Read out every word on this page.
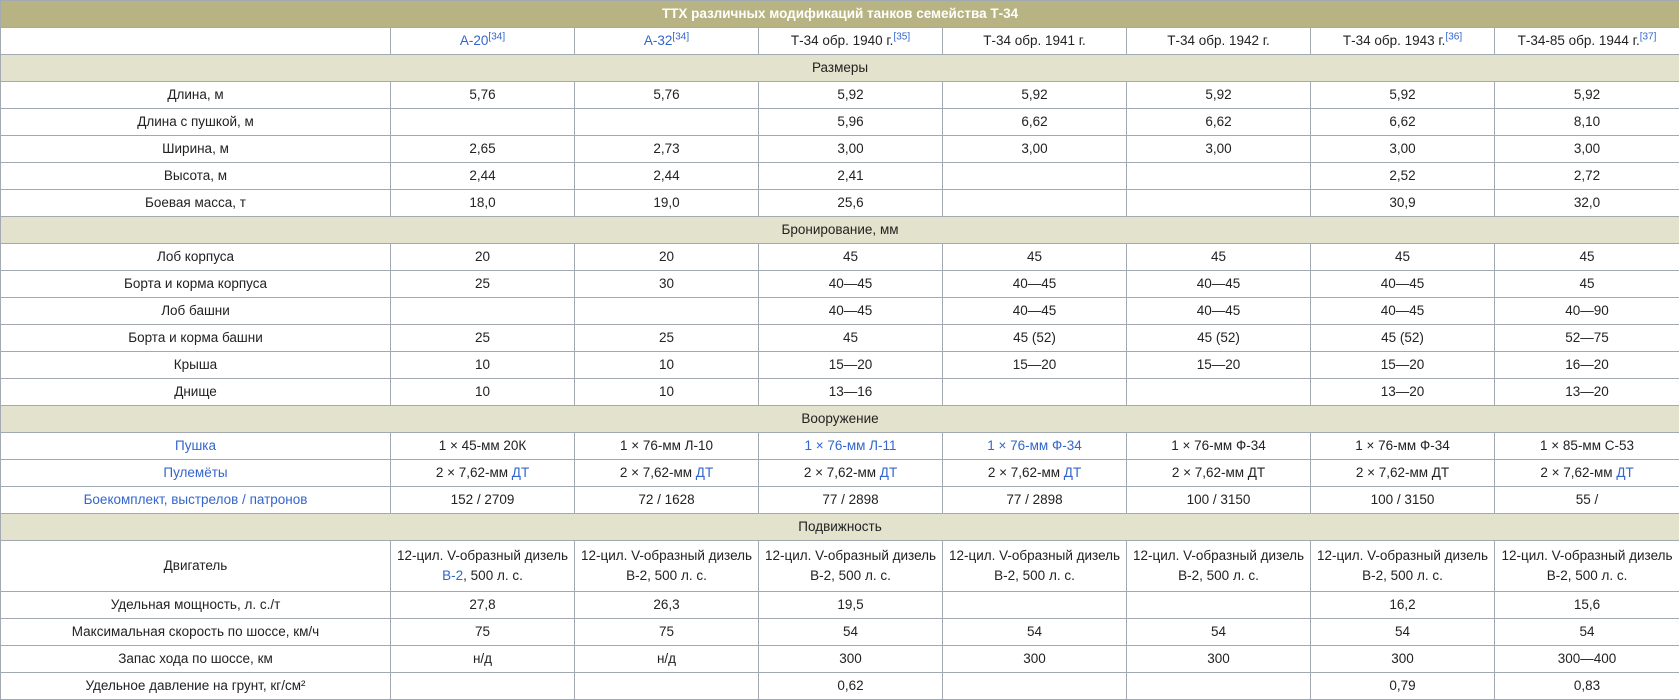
ТТХ различных модификаций танков семейства Т-34							
	А-20[34]	А-32[34]	Т-34 обр. 1940 г.[35]	Т-34 обр. 1941 г.	Т-34 обр. 1942 г.	Т-34 обр. 1943 г.[36]	Т-34-85 обр. 1944 г.[37]
Размеры							
Длина, м	5,76	5,76	5,92	5,92	5,92	5,92	5,92
Длина с пушкой, м			5,96	6,62	6,62	6,62	8,10
Ширина, м	2,65	2,73	3,00	3,00	3,00	3,00	3,00
Высота, м	2,44	2,44	2,41			2,52	2,72
Боевая масса, т	18,0	19,0	25,6			30,9	32,0
Бронирование, мм							
Лоб корпуса	20	20	45	45	45	45	45
Борта и корма корпуса	25	30	40—45	40—45	40—45	40—45	45
Лоб башни			40—45	40—45	40—45	40—45	40—90
Борта и корма башни	25	25	45	45 (52)	45 (52)	45 (52)	52—75
Крыша	10	10	15—20	15—20	15—20	15—20	16—20
Днище	10	10	13—16			13—20	13—20
Вооружение							
Пушка	1 × 45-мм 20К	1 × 76-мм Л-10	1 × 76-мм Л-11	1 × 76-мм Ф-34	1 × 76-мм Ф-34	1 × 76-мм Ф-34	1 × 85-мм С-53
Пулемёты	2 × 7,62-мм ДТ	2 × 7,62-мм ДТ	2 × 7,62-мм ДТ	2 × 7,62-мм ДТ	2 × 7,62-мм ДТ	2 × 7,62-мм ДТ	2 × 7,62-мм ДТ
Боекомплект, выстрелов / патронов	152 / 2709	72 / 1628	77 / 2898	77 / 2898	100 / 3150	100 / 3150	55 /
Подвижность							
Двигатель	12-цил. V-образный дизель В-2, 500 л. с.	12-цил. V-образный дизель В-2, 500 л. с.	12-цил. V-образный дизель В-2, 500 л. с.	12-цил. V-образный дизель В-2, 500 л. с.	12-цил. V-образный дизель В-2, 500 л. с.	12-цил. V-образный дизель В-2, 500 л. с.	12-цил. V-образный дизель В-2, 500 л. с.
Удельная мощность, л. с./т	27,8	26,3	19,5			16,2	15,6
Максимальная скорость по шоссе, км/ч	75	75	54	54	54	54	54
Запас хода по шоссе, км	н/д	н/д	300	300	300	300	300—400
Удельное давление на грунт, кг/см²			0,62			0,79	0,83
